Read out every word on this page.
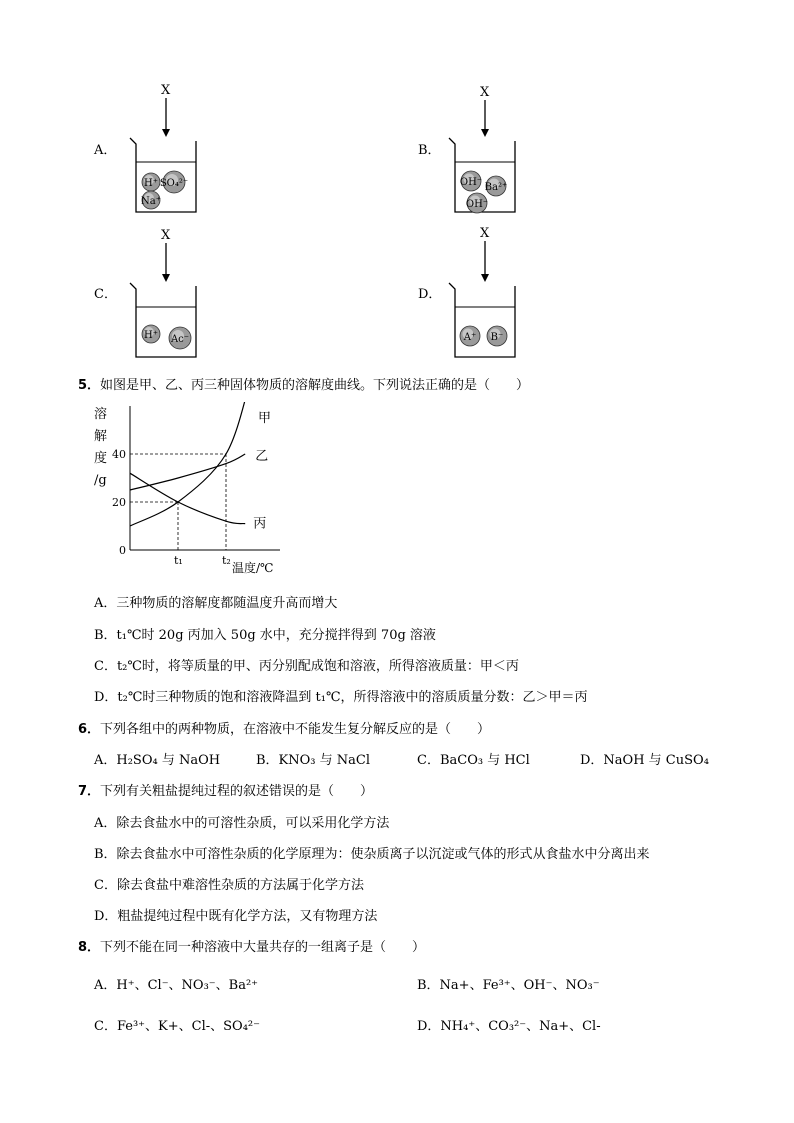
A．
X
H⁺ SO₄²⁻
Na⁺
B．
X
OH⁻ Ba²⁺
OH⁻
C．
X
H⁺ Ac⁻
D．
X
A⁺ B⁻
5．如图是甲、乙、丙三种固体物质的溶解度曲线。下列说法正确的是（　　）
溶
解
度
/g
40
20
0
t₁	t₂
温度/℃
甲
乙
丙
A．三种物质的溶解度都随温度升高而增大
B．t₁℃时 20g 丙加入 50g 水中，充分搅拌得到 70g 溶液
C．t₂℃时，将等质量的甲、丙分别配成饱和溶液，所得溶液质量：甲＜丙
D．t₂℃时三种物质的饱和溶液降温到 t₁℃，所得溶液中的溶质质量分数：乙＞甲＝丙
6．下列各组中的两种物质，在溶液中不能发生复分解反应的是（　　）
A．H₂SO₄ 与 NaOH	B．KNO₃ 与 NaCl	C．BaCO₃ 与 HCl	D．NaOH 与 CuSO₄
7．下列有关粗盐提纯过程的叙述错误的是（　　）
A．除去食盐水中的可溶性杂质，可以采用化学方法
B．除去食盐水中可溶性杂质的化学原理为：使杂质离子以沉淀或气体的形式从食盐水中分离出来
C．除去食盐中难溶性杂质的方法属于化学方法
D．粗盐提纯过程中既有化学方法，又有物理方法
8．下列不能在同一种溶液中大量共存的一组离子是（　　）
A．H⁺、Cl⁻、NO₃⁻、Ba²⁺	B．Na+、Fe³⁺、OH⁻、NO₃⁻
C．Fe³⁺、K+、Cl-、SO₄²⁻	D．NH₄⁺、CO₃²⁻、Na+、Cl-
